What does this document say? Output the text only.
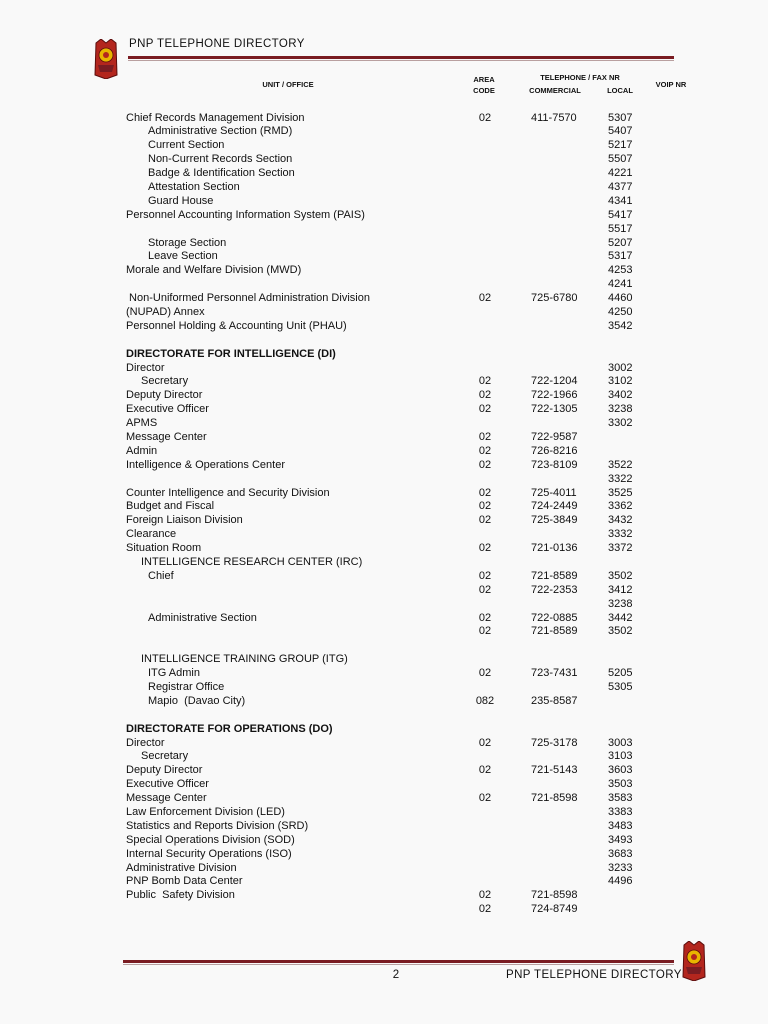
PNP TELEPHONE DIRECTORY
UNIT / OFFICE
AREA
CODE
TELEPHONE / FAX NR
COMMERCIAL	LOCAL
VOIP NR
Chief Records Management Division	02	411-7570	5307
Administrative Section (RMD)	5407
Current Section	5217
Non-Current Records Section	5507
Badge & Identification Section	4221
Attestation Section	4377
Guard House	4341
Personnel Accounting Information System (PAIS)	5417
5517
Storage Section	5207
Leave Section	5317
Morale and Welfare Division (MWD)	4253
4241
Non-Uniformed Personnel Administration Division	02	725-6780	4460
(NUPAD) Annex	4250
Personnel Holding & Accounting Unit (PHAU)	3542
DIRECTORATE FOR INTELLIGENCE (DI)
Director	3002
Secretary	02	722-1204	3102
Deputy Director	02	722-1966	3402
Executive Officer	02	722-1305	3238
APMS	3302
Message Center	02	722-9587
Admin	02	726-8216
Intelligence & Operations Center	02	723-8109	3522
3322
Counter Intelligence and Security Division	02	725-4011	3525
Budget and Fiscal	02	724-2449	3362
Foreign Liaison Division	02	725-3849	3432
Clearance	3332
Situation Room	02	721-0136	3372
INTELLIGENCE RESEARCH CENTER (IRC)
Chief	02	721-8589	3502
02	722-2353	3412
3238
Administrative Section	02	722-0885	3442
02	721-8589	3502
INTELLIGENCE TRAINING GROUP (ITG)
ITG Admin	02	723-7431	5205
Registrar Office	5305
Mapio  (Davao City)	082	235-8587
DIRECTORATE FOR OPERATIONS (DO)
Director	02	725-3178	3003
Secretary	3103
Deputy Director	02	721-5143	3603
Executive Officer	3503
Message Center	02	721-8598	3583
Law Enforcement Division (LED)	3383
Statistics and Reports Division (SRD)	3483
Special Operations Division (SOD)	3493
Internal Security Operations (ISO)	3683
Administrative Division	3233
PNP Bomb Data Center	4496
Public  Safety Division	02	721-8598
02	724-8749
2	PNP TELEPHONE DIRECTORY
